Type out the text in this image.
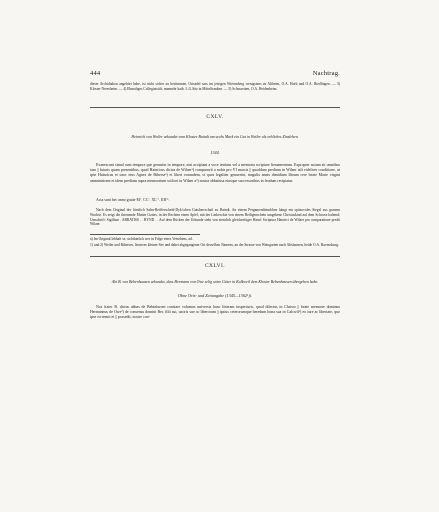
444	Nachtrag.

dieser Archidiakon angehört habe, ist nicht sicher zu bestimmen, Ortsadel sass im jetzigen Wirtemberg wenigstens zu Altheim, O.A. Horb und O.A. Riedlingen. — 3) Kloster Neresheim. — 4) Ehmaliges Collegiatstift, nunmehr kath. L.G.Sitz in Mittelfranken. — 5) Schussetten, O.A. Heidenheim.

CXLV.

Heinrich von Weiler urkundet vom Kloster Baindt um sechs Mark ein Gut in Weiler als erbliches Zinslehen.

1344.

Evanescunt simul cum tempore que geruntur in tempore, nisi accipiant a voce testium vel a memoria scripture firmamentum. Expropter notum sit omnibus tam || futuris quam presentibus, quod Hainricus dictus de Wilaer¹) comparavit a nobis pro VI marcis || quoddam predium in Wilaer tali videlicet conditione, ut ipse Hainricus et uxor eius Agnes de Biberse²) et liberi eorundem, si quos legaliter genuerint, singulis annis dimidiam libram cere beate Marie virgini amministrent et idem predium supra memoratum scilicet in Wilaer a³) nostra abbatissa eiusque successoribus in feodum recipiatur.

Acta sunt hec anno gratie Mº. CCº. XLºº. IIIIº¹.

Nach dem Original der fürstlich Salm-Reifferscheid-Dyk'schen Gutsherrschaft zu Baindt. An einem Pergamentbändchen hängt ein spitzovales Siegel aus grauem Wachse. Es zeigt die thronende Mutter Gottes, in der Rechten einen Apfel, mit der Linken das von einem Heiligenschein umgebene Christuskind auf dem Schoose haltend; Umschrift: Sigillum . ABBATISS . . BYND . . Auf dem Rücken der Urkunde steht von ziemlich gleichzeitiger Hand: Scriptura Hainrici de Wilaer pro comparatione predii Wilaer.

a) Im Original lebhaft se, sichtbarlich wer in Folge eines Versehens, ad.

1) und 2) Weiler und Biberses, letzteres kleiner See und dabei abgegangener Ort desselben Namens, an der Strasse von Weingarten nach Altshausen, beide O.A. Ravensburg.

CXLVI.

Abt B. von Bebenhausen urkundet, dass Hermann von Owe selig seine Güter in Kalkweil dem Kloster Bebenhausen übergeben habe.

Ohne Orts- und Zeitangabe (1345—1362¹)).

Nos frater B. dictus abbas de Bebinhusen constare volumus universis hanc litteram inspecturis, quod dilectus in Christo || beate memorie dominus Hermannus de Owe²) de consensu domini Ber. filii sui, uxoris sue ac liberorum || ipsius ceterorumque heredum bona sua in Calcwil³) eo iure ac libertate, quo ipse ea tenuit et || possedit, nostre con-
